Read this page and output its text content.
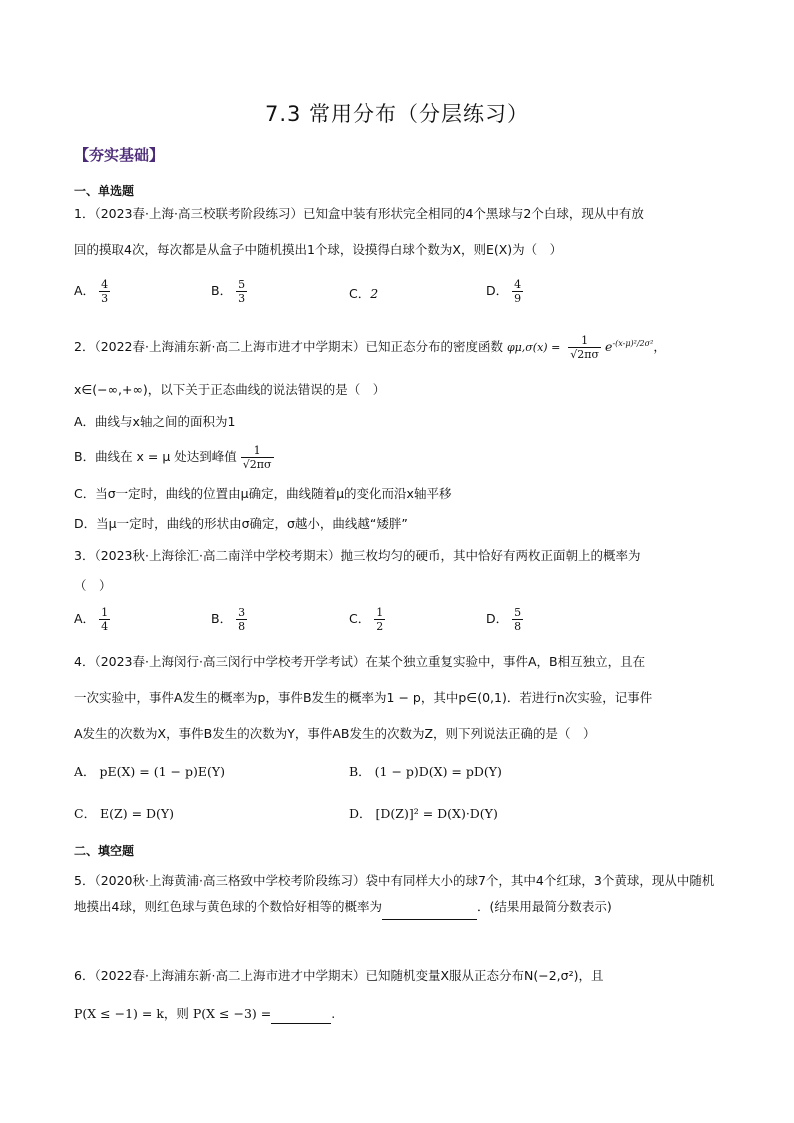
7.3 常用分布（分层练习）
【夯实基础】
一、单选题
1．（2023春·上海·高三校联考阶段练习）已知盒中装有形状完全相同的4个黑球与2个白球，现从中有放
回的摸取4次，每次都是从盒子中随机摸出1个球，设摸得白球个数为X，则E(X)为（　）
A． $\frac{4}{3}$	B． $\frac{5}{3}$	C．2	D． $\frac{4}{9}$
2．（2022春·上海浦东新·高二上海市进才中学期末）已知正态分布的密度函数 $\varphi\mu,\sigma(x) = \frac{1}{√2\pi\sigma} e^{-(x-\mu)^2/2\sigma^2}$，
x∈(−∞,+∞)，以下关于正态曲线的说法错误的是（　）
A．曲线与x轴之间的面积为1
B．曲线在 x = μ 处达到峰值 $\frac{1}{√2\pi\sigma}$
C．当σ一定时，曲线的位置由μ确定，曲线随着μ的变化而沿x轴平移
D．当μ一定时，曲线的形状由σ确定，σ越小，曲线越“矮胖”
3．（2023秋·上海徐汇·高二南洋中学校考期末）抛三枚均匀的硬币，其中恰好有两枚正面朝上的概率为
（　）
A． $\frac{1}{4}$	B． $\frac{3}{8}$	C． $\frac{1}{2}$	D． $\frac{5}{8}$
4．（2023春·上海闵行·高三闵行中学校考开学考试）在某个独立重复实验中，事件A，B相互独立，且在
一次实验中，事件A发生的概率为p，事件B发生的概率为1 − p，其中p∈(0,1)．若进行n次实验，记事件
A发生的次数为X，事件B发生的次数为Y，事件AB发生的次数为Z，则下列说法正确的是（　）
A． pE(X) = (1 − p)E(Y)	B． (1 − p)D(X) = pD(Y)
C． E(Z) = D(Y)	D． [D(Z)]² = D(X)·D(Y)
二、填空题
5．（2020秋·上海黄浦·高三格致中学校考阶段练习）袋中有同样大小的球7个，其中4个红球，3个黄球，现从中随机地摸出4球，则红色球与黄色球的个数恰好相等的概率为	．(结果用最简分数表示)
6．（2022春·上海浦东新·高二上海市进才中学期末）已知随机变量X服从正态分布N(−2,σ²)，且
P(X ≤ −1) = k，则 P(X ≤ −3) =	.
